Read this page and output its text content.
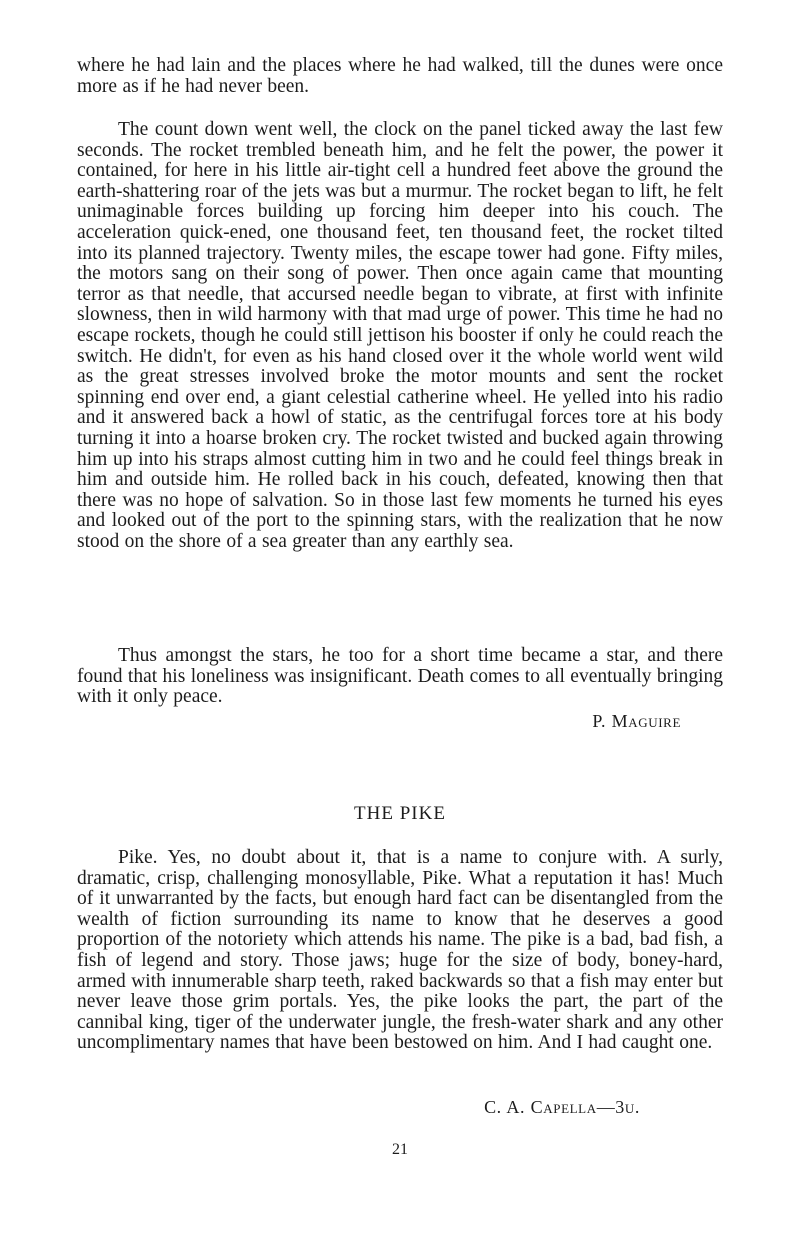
where he had lain and the places where he had walked, till the dunes were once more as if he had never been.

The count down went well, the clock on the panel ticked away the last few seconds. The rocket trembled beneath him, and he felt the power, the power it contained, for here in his little air-tight cell a hundred feet above the ground the earth-shattering roar of the jets was but a murmur. The rocket began to lift, he felt unimaginable forces building up forcing him deeper into his couch. The acceleration quick-ened, one thousand feet, ten thousand feet, the rocket tilted into its planned trajectory. Twenty miles, the escape tower had gone. Fifty miles, the motors sang on their song of power. Then once again came that mounting terror as that needle, that accursed needle began to vibrate, at first with infinite slowness, then in wild harmony with that mad urge of power. This time he had no escape rockets, though he could still jettison his booster if only he could reach the switch. He didn't, for even as his hand closed over it the whole world went wild as the great stresses involved broke the motor mounts and sent the rocket spinning end over end, a giant celestial catherine wheel. He yelled into his radio and it answered back a howl of static, as the centrifugal forces tore at his body turning it into a hoarse broken cry. The rocket twisted and bucked again throwing him up into his straps almost cutting him in two and he could feel things break in him and outside him. He rolled back in his couch, defeated, knowing then that there was no hope of salvation. So in those last few moments he turned his eyes and looked out of the port to the spinning stars, with the realization that he now stood on the shore of a sea greater than any earthly sea.

Thus amongst the stars, he too for a short time became a star, and there found that his loneliness was insignificant. Death comes to all eventually bringing with it only peace.

P. Maguire

THE PIKE

Pike. Yes, no doubt about it, that is a name to conjure with. A surly, dramatic, crisp, challenging monosyllable, Pike. What a reputation it has! Much of it unwarranted by the facts, but enough hard fact can be disentangled from the wealth of fiction surrounding its name to know that he deserves a good proportion of the notoriety which attends his name. The pike is a bad, bad fish, a fish of legend and story. Those jaws; huge for the size of body, boney-hard, armed with innumerable sharp teeth, raked backwards so that a fish may enter but never leave those grim portals. Yes, the pike looks the part, the part of the cannibal king, tiger of the underwater jungle, the fresh-water shark and any other uncomplimentary names that have been bestowed on him. And I had caught one.

C. A. Capella—3u.

21
